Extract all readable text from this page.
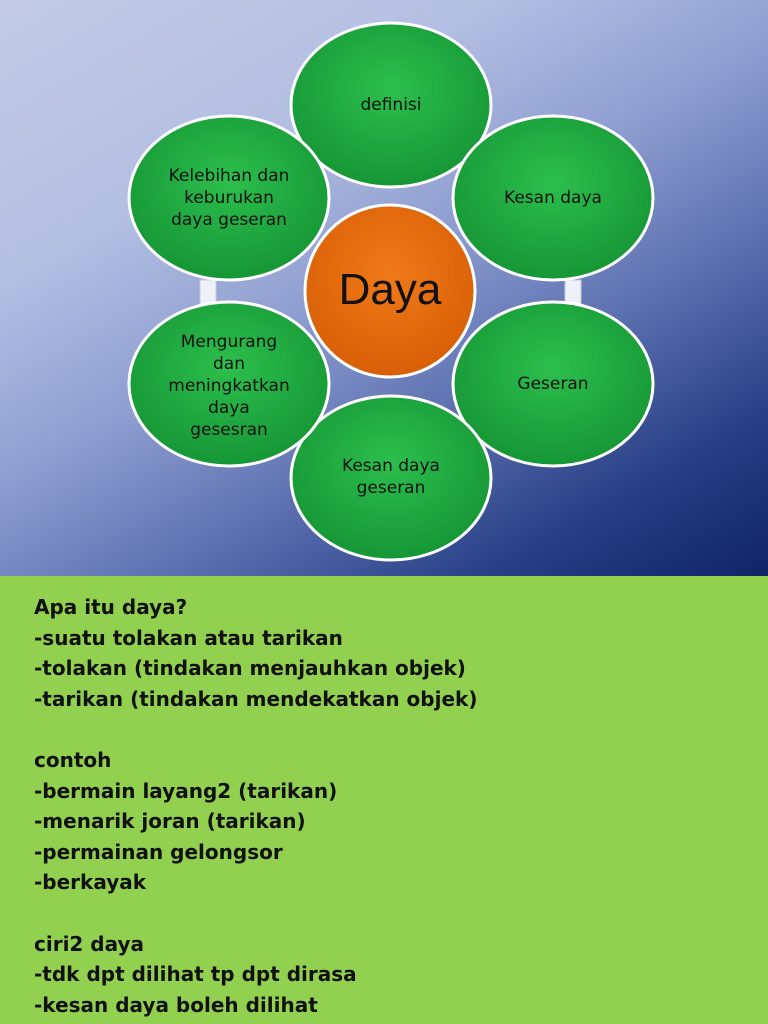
definisi
Kesan daya
Geseran
Kesan daya
geseran
Mengurang
dan
meningkatkan
daya
gesesran
Kelebihan dan
keburukan
daya geseran
Daya
Apa itu daya?
-suatu tolakan atau tarikan
-tolakan (tindakan menjauhkan objek)
-tarikan (tindakan mendekatkan objek)
contoh
-bermain layang2 (tarikan)
-menarik joran (tarikan)
-permainan gelongsor
-berkayak
ciri2 daya
-tdk dpt dilihat tp dpt dirasa
-kesan daya boleh dilihat
